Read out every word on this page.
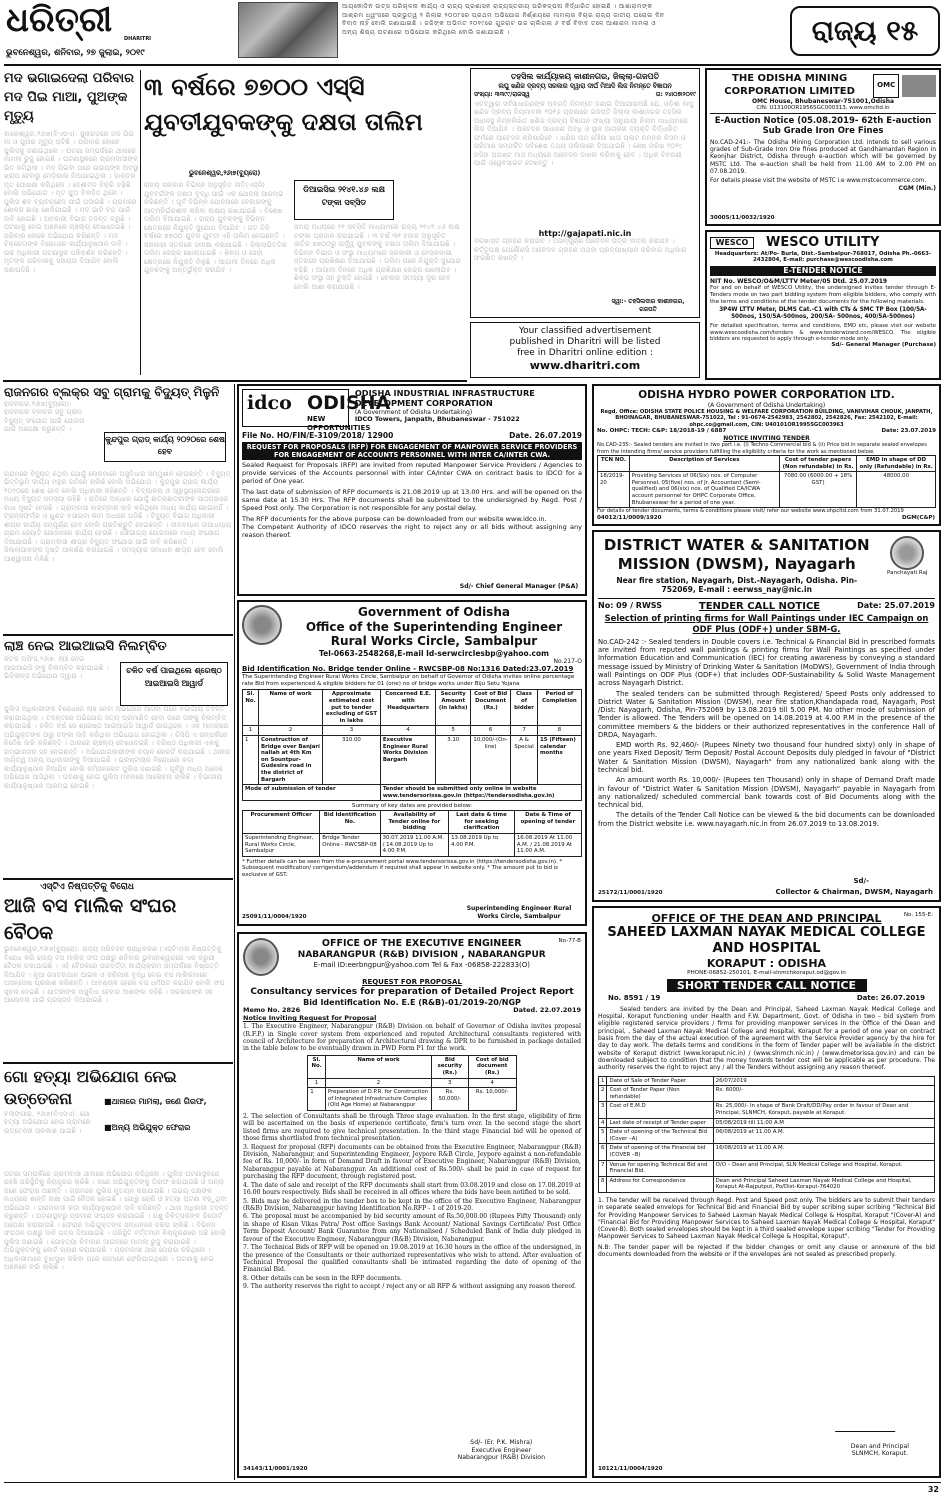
ଧରିତ୍ରୀ DHARITRI
ଭୁବନେଶ୍ୱର, ଶନିବାର, ୨୭ ଜୁଲାଇ, ୨୦୧୯
ଆୟକୋଡିନ ଉତ୍ସ ପରିଚାଳନା କାର୍ଯ୍ୟ ଓ ରାଜ୍ୟ ପ୍ରଶାସନ ରାଜ୍ୟସ୍ତରୀୟ ପରିକଳ୍ପନା ନିର୍ଦ୍ଧାରିତ ହୋଇଛି । ଆଶାରାମଙ୍କ ଆଶ୍ରମ ଧ୍ୱଂସରେ ପ୍ରଭୁତ୍ୱ ୨ ରିଲାଇ ୨୦୦୮ରେ ପ୍ରଥମ ଅଭିଯୋଗ ନିର୍ଣ୍ଣୟରେ ମାମଲାର ବିଚାର ରାଜ୍ୟ ଜାତୀୟ ଘରୋଇ ଦିନ ବିବାଦ ନାହିଁ ବୋଲି ଜଣାଯାଇଛି । ଜଜିଙ୍କ ଅଭିମତ ୨୦୧୯ରେ ଗୁଜରାଟ ଉଚ୍ଚ ଚାଲିଗଲା ୬ ବର୍ଷ ବିବାଦ ତଳେ ଆଶାରାମ ମାମଲା ଓ ଅନ୍ୟ ଶିଷ୍ୟ ଘଟଣାରେ ଅଭିଯୋଗ କରିଥିଲେ ବୋଲି ଜଣାଯାଇଛି ।	ରାଜ୍ୟ ୧୫
ମଦ ଭଗାଇଦେଲା ପରିବାର ମଦ ପିଇ ମାଆ, ପୁଅଙ୍କ ମୃତ୍ୟୁ
ବାଲେଶ୍ୱର,୨୬ା୭(ବିଏସଏ): ସୁନାଗଡ଼ରେ ମଦ ପିଇ ମା ଓ ପୁଅର ମୃତ୍ୟୁ ଘଟିଛି । ପରିବାର ଲୋକେ ପୁଲିସକୁ ଜଣାଇଥିଲେ । ଘଟଣା ସମ୍ପର୍କରେ ଥାନାରେ ମାମଲା ରୁଜୁ ହୋଇଛି । ଘଟଣାସ୍ଥଳରେ ଗ୍ରାମବାସୀଙ୍କ ଭିଡ଼ ଜମିଥିଲା । ମଦ ପିଇବା ପରେ ଉଭୟଙ୍କ ଅବସ୍ଥା ଖରାପ ହେବାରୁ ମେଡ଼ିକାଲ ନିଆଯାଇଥିଲା । ଡାକ୍ତର ମୃତ ଘୋଷଣା କରିଥିଲେ । ଦେଶୀମଦ ବିକ୍ରି ବଢ଼ିଛି ବୋଲି ଅଭିଯୋଗ । ମୃତ ପୁଅ ବିବାହିତ ଥିଲେ । ପୁଲିସ ଶବ ବ୍ୟବଚ୍ଛେଦ ପାଇଁ ପଠାଇଛି । ଗ୍ରାମରେ ଶୋକର ଛାୟା ଖେଳିଯାଇଛି । ମଦ ଭାଟି ବନ୍ଦ ପାଇଁ ଦାବି ହୋଇଛି । ଅବକାରୀ ବିଭାଗ ତଦନ୍ତ କରୁଛି । ଘଟଣାକୁ ନେଇ ଅଞ୍ଚଳରେ ଚାଞ୍ଚଲ୍ୟ ଦେଖାଦେଇଛି । ପରିବାର ଲୋକେ ଅଭିଯୋଗ କରିଛନ୍ତି । ମଦ ବିକ୍ରେତାଙ୍କ ବିରୋଧରେ କାର୍ଯ୍ୟାନୁଷ୍ଠାନ ଦାବି । ଉଚ୍ଚ ଅଧିକାରୀ ଘଟଣାସ୍ଥଳ ପରିଦର୍ଶନ କରିଛନ୍ତି । ମୃତଙ୍କ ପରିବାରକୁ ସହାୟତା ଦିଆଯିବ ବୋଲି ଜଣାପଡ଼ିଛି ।
୩ ବର୍ଷରେ ୭୭୦୦ ଏସ୍‌ସି ଯୁବତୀଯୁବକଙ୍କୁ ଦକ୍ଷତା ତାଲିମ
ଭୁବନେଶ୍ୱର,୨୬ା୭(ବ୍ୟୁରୋ)
ଡିଆଇସିଇ ୨୧୪୧.୪୬ ଲକ୍ଷ ଟଙ୍କା ସବ୍‌ସିଡ
ରାଜ୍ୟ ସରକାର ବିଭିନ୍ନ ଅନୁସୂଚିତ ଜାତି(ଏସ୍‌ସି) ଯୁବବର୍ଗଙ୍କ ଦକ୍ଷତା ବୃଦ୍ଧି ପାଇଁ ଏକ ଯୋଜନା ଆରମ୍ଭ କରିଛନ୍ତି । ପୂର୍ବ ବିଭିନ୍ନ ଯୋଜନାରେ ବେକାରଙ୍କୁ ଆତ୍ମନିର୍ଭରଶୀଳ କରିବା ଲକ୍ଷ୍ୟ ରଖାଯାଇଛି । ବିଶେଷ ତାଲିମ ଦିଆଯାଇଛି । ରାଜ୍ୟ ଯୁବକଙ୍କୁ ବିଭିନ୍ନ କ୍ଷେତ୍ରରେ ନିଯୁକ୍ତି ସୁଯୋଗ ଦିଆଯିବ । ଗତ ତିନି ବର୍ଷରେ ୭୭୦୦ ଯୁବକ ଯୁବତୀ ଏହି ତାଲିମ ନେଇଛନ୍ତି । ସରକାରୀ ସ୍ତରରେ ସମୀକ୍ଷା କରାଯାଇଛି । ଜିଲ୍ଲାଭିତ୍ତିକ ତାଲିମ କେନ୍ଦ୍ର ଖୋଲାଯାଇଛି । ଶିଳ୍ପ ଓ ସେବା କ୍ଷେତ୍ରରେ ନିଯୁକ୍ତି ମିଳୁଛି । ଆଗାମୀ ଦିନରେ ଅଧିକ ଯୁବକଙ୍କୁ ଅନ୍ତର୍ଭୁକ୍ତ କରାଯିବ ।
ସମୟ ମଧ୍ୟରେ ୧୧ ସବ୍‌ସିଡି ମାଧ୍ୟମରେ ରାଜ୍ୟ ୨୧୪୧.୪୬ ଲକ୍ଷ ଟଙ୍କା ପ୍ରଦାନ କରାଯାଇଛି । ୩ ବର୍ଷ ୩୧ ହଜାର ଅନୁସୂଚିତ ଜାତିର ୭୭୦୦ରୁ ଉର୍ଦ୍ଧ୍ୱ ଯୁବକଙ୍କୁ ଦକ୍ଷତା ତାଲିମ ଦିଆଯାଇଛି । ବିଭିନ୍ନ ବିଭାଗ ଓ ସଂସ୍ଥା ମାଧ୍ୟମରେ ସରକାରୀ ଓ ବେସରକାରୀ ସ୍ତରରେ ପ୍ରଶିକ୍ଷଣ ଦିଆଯାଉଛି । ତାଲିମ ପରେ ନିଯୁକ୍ତି ସୁଯୋଗ ବଢ଼ିଛି । ଆଗାମୀ ଦିନରେ ଅଧିକ ପ୍ରଶିକ୍ଷଣ କେନ୍ଦ୍ର ଖୋଲାଯିବ । ଶିଳ୍ପ ସଂସ୍ଥା ସହ ଚୁକ୍ତି ହୋଇଛି । ବେକାର ସମସ୍ୟା ଦୂର ହେବ ବୋଲି ଆଶା କରାଯାଉଛି ।
ତହସିଲ କାର୍ଯ୍ୟାଳୟ କାଶୀନଗର, ଜିଲ୍ଲା-ଗଜପତି
ଲଘୁ ଖଣିଜ ଦ୍ରବ୍ୟ ସରକାର ଦ୍ୱାରା ଦୀର୍ଘ ମିଆଦି ଲିଜ ନିମନ୍ତେ ବିଜ୍ଞାପନ
ସଂଖ୍ୟା: ୩୩୯୯/ରାଜସ୍ୱ	ତା: ୨୪ା୦୭ା୨୦୧୯
ଏତଦ୍ୱାରା ସର୍ବସାଧାରଣଙ୍କ ଅବଗତି ନିମନ୍ତେ ଜଣାଇ ଦିଆଯାଉଅଛି ଯେ, ଓଡ଼ିଶା ଲଘୁ ଖଣିଜ ଦ୍ରବ୍ୟ ନିୟମାବଳୀ ୨୦୧୬ ପ୍ରକାରେ ଗଜପତି ଜିଲ୍ଲା କାଶୀନଗର ତହସିଲ ଅଧୀନସ୍ଥ ନିମ୍ନଲିଖିତ ଖଣିଜ ଦ୍ରବ୍ୟ ବିଜ୍ଞାପନ ସଂଖ୍ୟା ଅନୁଯାୟୀ ନିଲାମ ମାଧ୍ୟମରେ ଲିଜ ଦିଆଯିବ । ଆବେଦନ ସାଧାରଣ ଅବଧି ଓ ସ୍ଥାନ ଆଗ୍ରହୀ ବ୍ୟକ୍ତି ନିର୍ଦ୍ଧାରିତ ଫର୍ମରେ ଆବେଦନ କରିପାରିବେ । ଖଣିର ନାମ ମୌଜା ଖାତା ପ୍ଲଟ ନମ୍ବର କିସମ ଓ ପରିମାଣ ସମ୍ପର୍କିତ ସବିଶେଷ ତଥ୍ୟ ତାଲିକାରେ ଦିଆଯାଇଛି । ଶେଷ ତାରିଖ ୨୦୧୯ ମସିହା ଅଗଷ୍ଟ ମାସ ମଧ୍ୟରେ ଆବେଦନ ଦାଖଲ କରିବାକୁ ହେବ । ଅଧିକ ବିବରଣୀ ପାଇଁ ଓ୍ୱେବସାଇଟ ଦେଖନ୍ତୁ ।
http://gajapati.nic.in
ଦରଖାସ୍ତ ଗ୍ରହଣ କରାଯିବ । ଅସମ୍ପୂର୍ଣ୍ଣ ଆବେଦନ ପତ୍ର ବାତିଲ କରାଯିବ । କର୍ତ୍ତୃପକ୍ଷ ଯେକୌଣସି ଆବେଦନ ଗ୍ରହଣ ଅଥବା ପ୍ରତ୍ୟାଖ୍ୟାନ କରିବାର ଅଧିକାର ସଂରକ୍ଷିତ ରଖନ୍ତି ।
ସ୍ୱା:- ତହସିଲଦାର କାଶୀନଗର, ଗଜପତି
Your classified advertisement
published in Dharitri will be listed
free in Dharitri online edition :
www.dharitri.com
THE ODISHA MINING CORPORATION LIMITED
OMC
OMC House, Bhubaneswar-751001,Odisha
CIN: U13100OR1956SGC000313, www.omcltd.in
E-Auction Notice (05.08.2019- 62th E-auction Sub Grade Iron Ore Fines
No.CAD-241:- The Odisha Mining Corporation Ltd. intends to sell various grades of Sub-Grade Iron Ore fines produced at Gandhamardan Region in Keonjhar District, Odisha through e-auction which will be governed by MSTC Ltd. The e-auction shall be held from 11.00 AM to 2.00 PM on 07.08.2019.
For details please visit the website of MSTC i.e www.mstcecommerce.com.
CGM (Min.)
30005/11/0032/1920
WESCO	WESCO UTILITY
Headquarters: At/Po- Burla, Dist.-Sambalpur-768017, Odisha Ph.-0663-2432804, E-mail: purchase@wescoodisha.com
E-TENDER NOTICE
NIT No. WESCO/O&M/LTTV Meter/05 Dtd. 25.07.2019
For and on behalf of WESCO Utility, the undersigned invites tender through E-Tenders mode on two part bidding system from eligible bidders, who comply with the terms and conditions of the tender documents for the following materials.
3P4W LTTV Meter, DLMS Cat.-C1 with CTs & SMC TP Box (100/5A- 500nos, 150/5A-500nos, 200/5A- 500nos, 400/5A-500nos)
For detailed specification, terms and conditions, EMD etc, please visit our website www.wescoodisha.com/tenders & www.tenderwizard.com/WESCO. The eligible bidders are requested to apply through e-tender mode only.
Sd/- General Manager (Purchase)
ରାଜନଗର ବ୍ଲକ୍‌ର ସବୁ ଗ୍ରାମକୁ ବିଦ୍ୟୁତ୍ ମିଳୁନି
କୁନ୍ଦପୁର ଗ୍ରାଡ୍ କାର୍ଯ୍ୟ ୨୦୨୦ରେ ଶେଷ ହେବ
ରାଜନଗର,୨୬ା୭(ବ୍ୟୁରୋ): ରାଜନଗର ବ୍ଲକର ସବୁ ଗ୍ରାମ ବିଦ୍ୟୁତ୍ ସଂଯୋଗ ପାଇଁ ଯୋଜନା ପାଇଁ ଅପେକ୍ଷା କରୁଛନ୍ତି ।
ଗ୍ରାମରେ ବିଦ୍ୟୁତ୍ ନଥିବା ଯୋଗୁଁ ଲୋକମାନେ ଅସୁବିଧାର ସମ୍ମୁଖୀନ ହେଉଛନ୍ତି । ବିଦ୍ୟୁତ୍ ଭିତ୍ତିଭୂମି କାର୍ଯ୍ୟ ମନ୍ଥର ଗତିରେ ଚାଲିଛି ବୋଲି ଅଭିଯୋଗ । କୁନ୍ଦପୁର ଗ୍ରାଡ୍ କାର୍ଯ୍ୟ ୨୦୨୦ରେ ଶେଷ ହେବ ବୋଲି ଅଧିକାରୀ କହିଛନ୍ତି । ବିଦ୍ୟାଳୟ ଓ ସ୍ୱାସ୍ଥ୍ୟକେନ୍ଦ୍ରରେ ମଧ୍ୟ ବିଦ୍ୟୁତ୍ ସମସ୍ୟା ରହିଛି । ରାତିରେ ଅନ୍ଧାର ଯୋଗୁଁ ଛାତ୍ରଛାତ୍ରୀଙ୍କ ପାଠପଢ଼ାରେ ବାଧା ସୃଷ୍ଟି ହେଉଛି । ଗ୍ରାମବାସୀ ବାରମ୍ବାର ଦାବି କରିଥିଲେ ମଧ୍ୟ କାର୍ଯ୍ୟ ହୋଇନାହିଁ । ଟ୍ରାନ୍ସଫର୍ମର ଓ ଖୁଣ୍ଟ ବସାଇବା କାମ ଅଧାରେ ପଡ଼ିଛି । ବିଦ୍ୟୁତ୍ ବିଭାଗ ଅଧିକାରୀ ଶୀଘ୍ର କାର୍ଯ୍ୟ ସମ୍ପୂର୍ଣ୍ଣ ହେବ ବୋଲି ପ୍ରତିଶ୍ରୁତି ଦେଇଛନ୍ତି । ଦୀନଦୟାଲ ଉପାଧ୍ୟାୟ ଗ୍ରାମ ଜ୍ୟୋତି ଯୋଜନାରେ କାର୍ଯ୍ୟ ହେଉଛି । ସୌଭାଗ୍ୟ ଯୋଜନାରେ ମଧ୍ୟ ସଂଯୋଗ ଦିଆଯାଉଛି । ଗ୍ରାମବାସୀ ଶୀଘ୍ର ବିଦ୍ୟୁତ୍ ସଂଯୋଗ ପାଇଁ ଦାବି କରିଛନ୍ତି । ଜିଲ୍ଲାପାଳଙ୍କ ଦୃଷ୍ଟି ଆକର୍ଷଣ କରାଯାଇଛି । ସମସ୍ୟାର ସମାଧାନ ଶୀଘ୍ର ହେବ ବୋଲି ଆଶ୍ୱାସନା ମିଳିଛି ।
ଲାଞ୍ଚ ନେଇ ଆଇଆଇସି ନିଲମ୍ବିତ
ଚଳିତ ବର୍ଷ ପାଇଥିଲେ ଶ୍ରେଷ୍ଠ ଆଇଆଇସି ଆୱାର୍ଡ
କଟକ ଅଫିସ,୨୬ା୭: ଲାଞ୍ଚ ନେଇ ଆଇଆଇସି ଙ୍କୁ ନିଲମ୍ବିତ କରାଯାଇଛି । ଭିଜିଲାନ୍ସ ଅଭିଯୋଗ ଦ୍ୱାରା ।
ପୁଲିସ ଅଧିକାରୀଙ୍କ ବିରୋଧରେ ଲାଞ୍ଚ ନେବା ଅଭିଯୋଗ ଆସିବା ପରେ ବିଭାଗୀୟ ତଦନ୍ତ କରାଯାଇଥିଲା । ତଦନ୍ତରେ ଅଭିଯୋଗ ସତ୍ୟ ପ୍ରମାଣିତ ହେବା ପରେ ତାଙ୍କୁ ନିଲମ୍ବିତ କରାଯାଇଛି । ଚଳିତ ବର୍ଷ ସେ ଶ୍ରେଷ୍ଠ ଆଇଆଇସି ଆୱାର୍ଡ ପାଇଥିଲେ । ଏକ ମାମଲାରେ ଅଭିଯୁକ୍ତଙ୍କ ଠାରୁ ଟଙ୍କା ଦାବି କରିଥିବା ଅଭିଯୋଗ ହୋଇଥିଲା । ଡିସିପି ଏ ସମ୍ପର୍କରେ ନିର୍ଦ୍ଦେଶ ଜାରି କରିଛନ୍ତି । ଥାନାରେ ଚାଞ୍ଚଲ୍ୟ ଦେଖାଦେଇଛି । ବରିଷ୍ଠ ଅଧିକାରୀ ଏହାକୁ ଗମ୍ଭୀରତାର ସହ ନେଇଛନ୍ତି । ଅଭିଯୋଗକାରୀଙ୍କ ବୟାନ ରେକର୍ଡ କରାଯାଇଛି । ଥାନାର ଦାୟିତ୍ୱ ଅନ୍ୟ ଅଧିକାରୀଙ୍କୁ ଦିଆଯାଇଛି । ଭ୍ରଷ୍ଟାଚାର ବିରୋଧରେ କଡ଼ା କାର୍ଯ୍ୟାନୁଷ୍ଠାନ ନିଆଯିବ ବୋଲି କମିସନରେଟ ପୁଲିସ ଜଣାଇଛି । ପୂର୍ବରୁ ମଧ୍ୟ ଅନେକ ଅଭିଯୋଗ ଆସିଥିଲା । ଘଟଣାକୁ ନେଇ ପୁଲିସ ମହଲରେ ଆଲୋଚନା ଚାଲିଛି । ବିଭାଗୀୟ କାର୍ଯ୍ୟାନୁଷ୍ଠାନ ଆରମ୍ଭ ହୋଇଛି ।
ଏସ୍‌ଟିଏ ନିଷ୍ପତ୍ତିକୁ ବିରୋଧ
ଆଜି ବସ ମାଲିକ ସଂଘର ବୈଠକ
ଭୁବନେଶ୍ୱର,୨୬ା୭(ବ୍ୟୁରୋ): ରାଜ୍ୟ ପରିବହନ ପ୍ରାଧିକରଣ (ଏସ୍‌ଟିଏ)ର ନିଷ୍ପତ୍ତିକୁ ବିରୋଧ କରି ରାଜ୍ୟ ବସ ମାଲିକ ସଂଘ ପକ୍ଷରୁ ଶନିବାର ଭୁବନେଶ୍ୱରରେ ଏକ ଜରୁରୀ ବୈଠକ ଡକାଯାଇଛି । ଏହି ବୈଠକରେ ପରବର୍ତ୍ତୀ କାର୍ଯ୍ୟକ୍ରମ ସମ୍ପର୍କରେ ନିଷ୍ପତ୍ତି ନିଆଯିବ । ନୂଆ ମୋଟରଯାନ ଆଇନ ଓ ଜରିମାନା ବୃଦ୍ଧି ନେଇ ବସ ମାଲିକମାନେ ଅସନ୍ତୋଷ ପ୍ରକାଶ କରିଛନ୍ତି । ଆବଶ୍ୟକ ହେଲେ ବସ ଧର୍ମଘଟ କରାଯିବ ବୋଲି ସଂଘ ସୂଚନା ଦେଇଛି । ଯାତ୍ରୀଙ୍କ ଅସୁବିଧା ହେବାର ଆଶଙ୍କା ରହିଛି । ସରକାରଙ୍କ ସହ ଆଲୋଚନା ପାଇଁ ପ୍ରସ୍ତାବ ଦିଆଯାଇଛି ।
ଗୋ ହତ୍ୟା ଅଭିଯୋଗ ନେଇ ଉତ୍ତେଜନା	■ଥାନାରେ ମାମଲା, ଜଣେ ଗିରଫ,
■ଅନ୍ୟ ଅଭିଯୁକ୍ତ ଫେରାର
ବଲାଙ୍ଗୀର, ୨୬ା୭(ବିଏସଏ): ଗୋ ହତ୍ୟା ଅଭିଯୋଗ ନେଇ ଗ୍ରାମରେ ଉତ୍ତେଜନା ପ୍ରକାଶ ପାଇଛି ।
ଘଟଣା ସମ୍ପର୍କରେ ଗ୍ରାମବାସୀ ଥାନାରେ ଅଭିଯୋଗ କରିଥିଲେ । ପୁଲିସ ଘଟଣାସ୍ଥଳରେ ପହଞ୍ଚି ପରିସ୍ଥିତିକୁ ନିୟନ୍ତ୍ରଣ କରିଛି । ଜଣେ ଅଭିଯୁକ୍ତଙ୍କୁ ଗିରଫ କରାଯାଇଛି ଓ ଅନ୍ୟ ଜଣେ ଫେରାର ଅଛନ୍ତି । ଗ୍ରାମରେ ପୁଲିସ ମୁତୟନ କରାଯାଇଛି । ଉଭୟ ପକ୍ଷଙ୍କ ମଧ୍ୟରେ ଶାନ୍ତି ରକ୍ଷା ପାଇଁ ବୈଠକ ହୋଇଛି । ଗୋରୁ ଚୋରି ଓ ହତ୍ୟା ଘଟଣା ବଢ଼ୁଥିବା ଅଭିଯୋଗ । ଗ୍ରାମବାସୀ କଡ଼ା କାର୍ଯ୍ୟାନୁଷ୍ଠାନ ଦାବି କରିଛନ୍ତି । ଥାନା ଅଧିକାରୀ ତଦନ୍ତ କରୁଛନ୍ତି । ଘଟଣାସ୍ଥଳରୁ ପ୍ରମାଣ ସଂଗ୍ରହ କରାଯାଇଛି । ପଶୁ ଚିକିତ୍ସକଙ୍କ ରିପୋର୍ଟ ଅପେକ୍ଷା କରାଯାଉଛି । ଫେରାର ଅଭିଯୁକ୍ତଙ୍କ ସନ୍ଧାନରେ ଚଢ଼ଉ ଚାଲିଛି । ବିଭିନ୍ନ ସଂଗଠନ ପକ୍ଷରୁ ଦାବି ପତ୍ର ଦିଆଯାଇଛି । ପରିସ୍ଥିତି ବର୍ତ୍ତମାନ ନିୟନ୍ତ୍ରଣରେ ଅଛି ବୋଲି ପୁଲିସ ଜଣାଇଛି । ଗୋହତ୍ୟା ନିବାରଣ ଆଇନରେ ମାମଲା ରୁଜୁ କରାଯାଇଛି । ଅଭିଯୁକ୍ତଙ୍କୁ କୋର୍ଟ ଚାଲାଣ କରାଯାଇଛି । ଗ୍ରାମବାସୀ ଥାନା ଘେରାଉ କରିଥିଲେ । ଅଧିକାରୀମାନେ ବୁଝାସୁଝା କରିବା ପରେ ସେମାନେ ଫେରିଯାଇଥିଲେ । ଘଟଣାକୁ ନେଇ ଅଞ୍ଚଳରେ ଚର୍ଚ୍ଚା ଚାଲିଛି ।
idco ODISHA
NEW OPPORTUNITIES
ODISHA INDUSTRIAL INFRASTRUCTURE DEVELOPMENT CORPORATION
(A Government of Odisha Undertaking)
IDCO Towers, Janpath, Bhubaneswar - 751022
File No. HO/FIN/E-3109/2018/ 12900	Date. 26.07.2019
REQUEST FOR PROPOSALS (RFP) FOR ENGAGEMENT OF MANPOWER SERVICE PROVIDERS FOR ENGAGEMENT OF ACCOUNTS PERSONNEL WITH INTER CA/INTER CWA.
Sealed Request for Proposals (RFP) are invited from reputed Manpower Service Providers / Agencies to provide services of the Accounts personnel with inter CA/Inter CWA on contract basis to IDCO for a period of One year.
The last date of submission of RFP documents is 21.08.2019 up at 13.00 Hrs. and will be opened on the same date at 15.30 Hrs. The RFP documents shall be submitted to the undersigned by Regd. Post / Speed Post only. The Corporation is not responsible for any postal delay.
The RFP documents for the above purpose can be downloaded from our website www.idco.in.
The Competent Authority of IDCO reserves the right to reject any or all bids without assigning any reason thereof.
Sd/- Chief General Manager (P&A)
ODISHA HYDRO POWER CORPORATION LTD.
(A Government of Odisha Undertaking)
Regd. Office: ODISHA STATE POLICE HOUSING & WELFARE CORPORATION BUILDING, VANIVIHAR CHOUK, JANPATH, BHOINAGAR, BHUBANESWAR-751022, Tel : 91-0674-2542983, 2542802, 2542826, Fax: 2542102, E-mail: ohpc.co@gmail.com, CIN: U40101OR1995SGC003963
No. OHPC: TECH: C&P: 18/2018-19 / 6887	Date: 23.07.2019
NOTICE INVITING TENDER
No.CAD-235:- Sealed tenders are invited in two part i.e. (i) Techno Commercial bid & (ii) Price bid in separate sealed envelopes from the intending firms/ service providers fulfilling the eligibility criteria for the work as mentioned below.
TCN NO.	Description of Services	Cost of tender papers (Non refundable) in Rs.	EMD in shape of DD only (Refundable) in Rs.
18/2019-20	Providing Services of 06(Six) nos. of Computer Personnel, 05(five) nos. of Jr. Accountant (Semi-qualified) and 06(six) nos. of Qualified CA/ICWA account personnel for OHPC Corporate Office, Bhubaneswar for a period of one year.	7080.00 (6000.00 + 18% GST)	48000.00
For details of tender documents, terms & conditions please visit/ refer our website www.ohpcltd.com from 31.07.2019
04012/11/0009/1920	DGM(C&P)
DISTRICT WATER & SANITATION MISSION (DWSM), Nayagarh
Near fire station, Nayagarh, Dist.-Nayagarh, Odisha. Pin- 752069, E-mail : eerwss_nay@nic.in
Panchayati Raj
No: 09 / RWSS	TENDER CALL NOTICE	Date: 25.07.2019
Selection of printing firms for Wall Paintings under IEC Campaign on ODF Plus (ODF+) under SBM-G.
No.CAD-242 :- Sealed tenders in Double covers i.e. Technical & Financial Bid in prescribed formats are invited from reputed wall paintings & printing firms for Wall Paintings as specified under Information Education and Communication (IEC) for creating awareness by conveying a standard message issued by Ministry of Drinking Water & Sanitation (MoDWS), Government of India through wall Paintings on ODF Plus (ODF+) that includes ODF-Sustainability & Solid Waste Management across Nayagarh District.
The sealed tenders can be submitted through Registered/ Speed Posts only addressed to District Water & Sanitation Mission (DWSM), near fire station,Khandapada road, Nayagarh, Post /Dist: Nayagarh, Odisha, Pin-752069 by 13.08.2019 till 5.00 PM. No other mode of submission of Tender is allowed. The Tenders will be opened on 14.08.2019 at 4.00 P.M in the presence of the committee members & the bidders or their authorized representatives in the conference Hall of DRDA, Nayagarh.
EMD worth Rs. 92,460/- (Rupees Ninety two thousand four hundred sixty) only in shape of one years Fixed Deposit/ Term Deposit/ Postal Account Deposits duly pledged in favour of "District Water & Sanitation Mission (DWSM), Nayagarh" from any nationalized bank along with the technical bid.
An amount worth Rs. 10,000/- (Rupees ten Thousand) only in shape of Demand Draft made in favour of "District Water & Sanitation Mission (DWSM), Nayagarh" payable in Nayagarh from any nationalized/ scheduled commercial bank towards cost of Bid Documents along with the technical bid.
The details of the Tender Call Notice can be viewed & the bid documents can be downloaded from the District website i.e. www.nayagarh.nic.in from 26.07.2019 to 13.08.2019.
Sd/-
Collector & Chairman, DWSM, Nayagarh
25172/11/0001/1920
Government of Odisha
Office of the Superintending Engineer
Rural Works Circle, Sambalpur
Tel-0663-2548268,E-mail Id-serwcirclesbp@yahoo.com
No.217-O
Bid Identification No. Bridge tender Online - RWCSBP-08 No:1316 Dated:23.07.2019
The Superintending Engineer Rural Works Circle, Sambalpur on behalf of Governor of Odisha invites online percentage rate Bid from experienced & eligible bidders for 01 (one) no of bridge works under Biju Setu Yojana
Sl. No.	Name of work	Approximate estimated cost put to tender excluding of GST in lakhs	Concerned E.E. with Headquarters	Security Amount (in lakhs)	Cost of Bid Document (Rs.)	Class of bidder	Period of Completion
1	2	3	4	5	6	7	8
1	Construction of Bridge over Banjari nallah at 4th Km on Sountpur-Gudesira road in the district of Bargarh	310.00	Executive Engineer Rural Works Division Bargarh	3.10	10,000/-(On-line)	A & Special	15 (Fifteen) calendar months
Mode of submission of tender			Tender should be submitted only online in website www.tendersorissa.gov.in (https://tendersodisha.gov.in)				
Summary of key dates are provided below:
Procurement Officer	Bid Identification No.	Availability of Tender online for bidding	Last date & time for seeking clarification	Date & Time of opening of tender
Superintending Engineer, Rural Works Circle, Sambalpur	Bridge Tender Online - RWCSBP-08	30.07.2019 11.00 A.M. / 14.08.2019 Up to 4.00 P.M.	13.08.2019 Up to 4.00 P.M.	16.08.2019 At 11.00 A.M. / 21.08.2019 At 11.00 A.M.
* Further details can be seen from the e-procurement portal www.tendersorissa.gov.in (https://tendersodisha.gov.in). * Subsequent modification/ corrigendum/addendum if required shall appear in website only. * The amount put to bid is exclusive of GST.
Superintending Engineer Rural Works Circle, Sambalpur
25091/11/0004/1920
OFFICE OF THE EXECUTIVE ENGINEER
NABARANGPUR (R&B) DIVISION , NABARANGPUR
E-mail ID:eerbngpur@yahoo.com Tel & Fax -06858-222833(O)
No-77-B
REQUEST FOR PROPOSAL
Consultancy services for preparation of Detailed Project Report
Bid Identification No. E.E (R&B)-01/2019-20/NGP
Memo No. 2826	Dated. 22.07.2019
Notice Inviting Request for Proposal
1. The Executive Engineer, Nabarangpur (R&B) Division on behalf of Governor of Odisha invites proposal (R.F.P.) in Single cover system from experienced and reputed Architectural consultants registered with council of Architecture for preparation of Architectural drawing & DPR to be furnished in package detailed in the table below to be eventually drawn in PWD Form P1 for the work.
Sl. No.	Name of work	Bid security (Rs.)	Cost of bid document (Rs.)
1	2	3	4
1	Preparation of D.P.R. for Construction of Integrated Infrastructure Complex (Old Age Home) at Nabarangpur	Rs. 50,000/-	Rs. 10,000/-
2. The selection of Consultants shall be through Three stage evaluation. In the first stage, eligibility of firm will be ascertained on the basis of experience certificate, firm's turn over. In the second stage the short listed firms are required to give technical presentation. In the third stage Financial bid will be opened of those firms shortlisted from technical presentation.
3. Request for proposal (RFP) documents can be obtained from the Executive Engineer, Nabarangpur (R&B) Division, Nabarangpur, and Superintending Engineer, Jeypore R&B Circle, Jeypore against a non-refundable fee of Rs. 10,000/- in form of Demand Draft in favour of Executive Engineer, Nabarangpur (R&B) Division, Nabarangpur payable at Nabarangpur. An additional cost of Rs.500/- shall be paid in case of request for purchasing the RFP document, through registered post.
4. The date of sale and receipt of the RFP documents shall start from 03.08.2019 and close on 17.08.2019 at 16.00 hours respectively. Bids shall be received in all offices where the bids have been notified to be sold.
5. Bids may be delivered in the tender box to be kept in the office of the Executive Engineer, Nabarangpur (R&B) Division, Nabarangpur having Identification No.RFP - 1 of 2019-20.
6. The proposal must be accompanied by bid security amount of Rs.50,000.00 (Rupees Fifty Thousand) only in shape of Kisan Vikas Patra/ Post office Savings Bank Account/ National Savings Certificate/ Post Office Term Deposit Account/ Bank Guarantee from any Nationalised / Scheduled Bank of India duly pledged in favour of the Executive Engineer, Nabarangpur (R&B) Division, Nabarangpur.
7. The Technical Bids of RFP will be opened on 19.08.2019 at 16.30 hours in the office of the undersigned, in the presence of the Consultants or their authorized representatives who wish to attend. After evaluation of Technical Proposal the qualified consultants shall be intimated regarding the date of opening of the Financial Bid.
8. Other details can be seen in the RFP documents.
9. The authority reserves the right to accept / reject any or all RFP & without assigning any reason thereof.
Sd/- (Er. P.K. Mishra)
Executive Engineer
Nabarangpur (R&B) Division
34143/11/0001/1920
OFFICE OF THE DEAN AND PRINCIPAL	No. 155-E:
SAHEED LAXMAN NAYAK MEDICAL COLLEGE AND HOSPITAL
KORAPUT : ODISHA
PHONE-06852-250101, E-mail-slnmchkoraput.od@gov.in
SHORT TENDER CALL NOTICE
No. 8591 / 19	Date: 26.07.2019
Sealed tenders are invited by the Dean and Principal, Saheed Laxman Nayak Medical College and Hospital, Koraput functioning under Health and F.W. Department, Govt. of Odisha in two – bid system from eligible registered service providers / firms for providing manpower services in the Office of the Dean and principal, , Saheed Laxman Nayak Medical College and Hospital, Koraput for a period of one year on contract basis from the day of the actual execution of the agreement with the Service Provider agency by the hire for day to day work. The details terms and conditions in the form of Tender paper will be available in the district website of Koraput district (www.koraput.nic.in) / (www.slnmch.nic.in) / (www.dmetorissa.gov.in) and can be downloaded subject to condition that the money towards tender cost will be applicable as per procedure. The authority reserves the right to reject any / all the Tenders without assigning any reason thereof.
1	Date of Sale of Tender Paper	26/07/2019
2	Cost of Tender Paper (Non refundable)	Rs. 6000/-
3	Cost of E.M.D	Rs. 25,000/- In shape of Bank Draft/DD/Pay order in favour of Dean and Principal, SLNMCH, Koraput, payable at Koraput.
4	Last date of receipt of Tender paper	05/08/2019 till 11:00 A.M
5	Date of opening of the Technical Bid (Cover –A)	06/08/2019 at 11.00 A.M.
6	Date of opening of the Financial bid (COVER –B)	16/08/2019 at 11.00 A.M.
7	Venue for opening Technical Bid and Financial Bid.	O/O – Dean and Principal, SLN Medical College and Hospital, Koraput.
8	Address for Correspondence	Dean and Principal Saheed Laxman Nayak Medical College and Hospital, Koraput At-Rajputput, Po/Dist-Koraput-764020
1. The tender will be received through Regd. Post and Speed post only. The bidders are to submit their tenders in separate sealed envelops for Technical Bid and Financial Bid by super scribing super scribing "Technical Bid for Providing Manpower Services to Saheed Laxman Nayak Medical College & Hospital, Koraput "(Cover-A) and "Financial Bid for Providing Manpower Services to Saheed Laxman Nayak Medical College & Hospital, Koraput" (Cover-B). Both sealed envelopes should be kept in a third sealed envelope super scribing "Tender for Providing Manpower Services to Saheed Laxman Nayak Medical College & Hospital, Koraput".
N.B: The tender paper will be rejected if the bidder changes or omit any clause or annexure of the bid documents downloaded from the website or if the envelopes are not sealed as prescribed properly.
Dean and Principal
SLNMCH, Koraput.
10121/11/0004/1920
32
